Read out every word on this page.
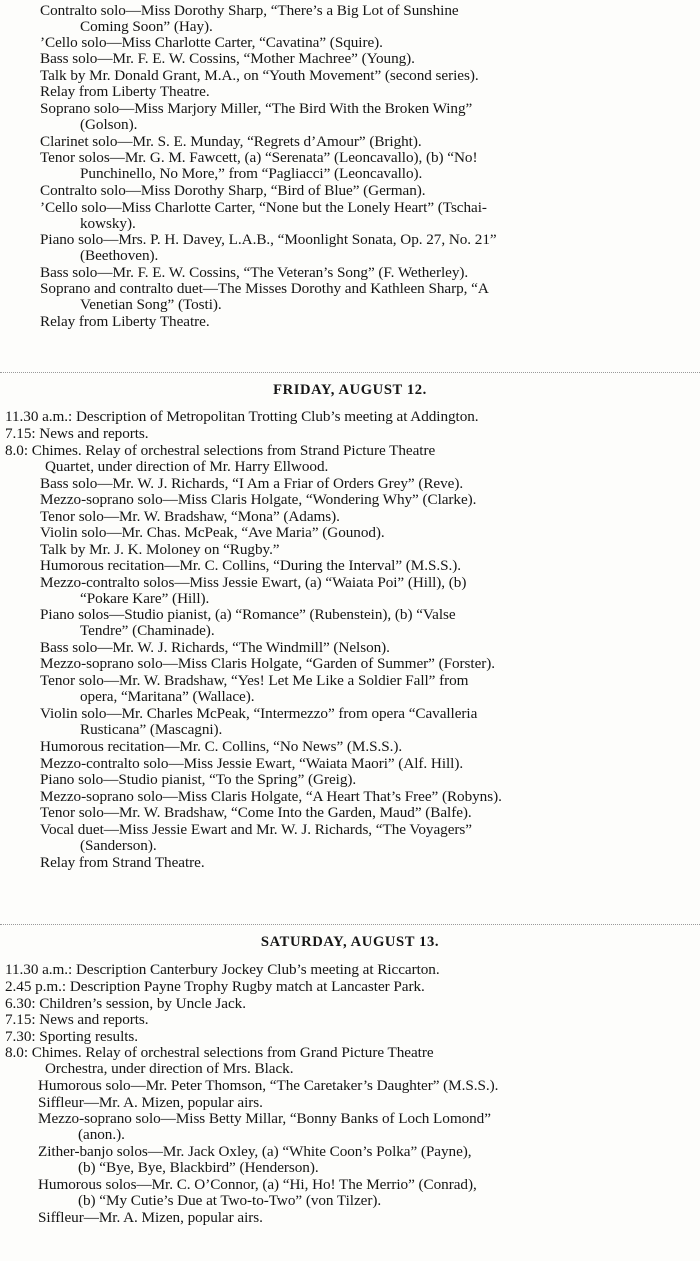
FRIDAY, AUGUST 12.
SATURDAY, AUGUST 13.
Contralto solo—Miss Dorothy Sharp, “There’s a Big Lot of Sunshine
Coming Soon” (Hay).
’Cello solo—Miss Charlotte Carter, “Cavatina” (Squire).
Bass solo—Mr. F. E. W. Cossins, “Mother Machree” (Young).
Talk by Mr. Donald Grant, M.A., on “Youth Movement” (second series).
Relay from Liberty Theatre.
Soprano solo—Miss Marjory Miller, “The Bird With the Broken Wing”
(Golson).
Clarinet solo—Mr. S. E. Munday, “Regrets d’Amour” (Bright).
Tenor solos—Mr. G. M. Fawcett, (a) “Serenata” (Leoncavallo), (b) “No!
Punchinello, No More,” from “Pagliacci” (Leoncavallo).
Contralto solo—Miss Dorothy Sharp, “Bird of Blue” (German).
’Cello solo—Miss Charlotte Carter, “None but the Lonely Heart” (Tschai-
kowsky).
Piano solo—Mrs. P. H. Davey, L.A.B., “Moonlight Sonata, Op. 27, No. 21”
(Beethoven).
Bass solo—Mr. F. E. W. Cossins, “The Veteran’s Song” (F. Wetherley).
Soprano and contralto duet—The Misses Dorothy and Kathleen Sharp, “A
Venetian Song” (Tosti).
Relay from Liberty Theatre.
11.30 a.m.: Description of Metropolitan Trotting Club’s meeting at Addington.
7.15: News and reports.
8.0: Chimes. Relay of orchestral selections from Strand Picture Theatre
Quartet, under direction of Mr. Harry Ellwood.
Bass solo—Mr. W. J. Richards, “I Am a Friar of Orders Grey” (Reve).
Mezzo-soprano solo—Miss Claris Holgate, “Wondering Why” (Clarke).
Tenor solo—Mr. W. Bradshaw, “Mona” (Adams).
Violin solo—Mr. Chas. McPeak, “Ave Maria” (Gounod).
Talk by Mr. J. K. Moloney on “Rugby.”
Humorous recitation—Mr. C. Collins, “During the Interval” (M.S.S.).
Mezzo-contralto solos—Miss Jessie Ewart, (a) “Waiata Poi” (Hill), (b)
“Pokare Kare” (Hill).
Piano solos—Studio pianist, (a) “Romance” (Rubenstein), (b) “Valse
Tendre” (Chaminade).
Bass solo—Mr. W. J. Richards, “The Windmill” (Nelson).
Mezzo-soprano solo—Miss Claris Holgate, “Garden of Summer” (Forster).
Tenor solo—Mr. W. Bradshaw, “Yes! Let Me Like a Soldier Fall” from
opera, “Maritana” (Wallace).
Violin solo—Mr. Charles McPeak, “Intermezzo” from opera “Cavalleria
Rusticana” (Mascagni).
Humorous recitation—Mr. C. Collins, “No News” (M.S.S.).
Mezzo-contralto solo—Miss Jessie Ewart, “Waiata Maori” (Alf. Hill).
Piano solo—Studio pianist, “To the Spring” (Greig).
Mezzo-soprano solo—Miss Claris Holgate, “A Heart That’s Free” (Robyns).
Tenor solo—Mr. W. Bradshaw, “Come Into the Garden, Maud” (Balfe).
Vocal duet—Miss Jessie Ewart and Mr. W. J. Richards, “The Voyagers”
(Sanderson).
Relay from Strand Theatre.
11.30 a.m.: Description Canterbury Jockey Club’s meeting at Riccarton.
2.45 p.m.: Description Payne Trophy Rugby match at Lancaster Park.
6.30: Children’s session, by Uncle Jack.
7.15: News and reports.
7.30: Sporting results.
8.0: Chimes. Relay of orchestral selections from Grand Picture Theatre
Orchestra, under direction of Mrs. Black.
Humorous solo—Mr. Peter Thomson, “The Caretaker’s Daughter” (M.S.S.).
Siffleur—Mr. A. Mizen, popular airs.
Mezzo-soprano solo—Miss Betty Millar, “Bonny Banks of Loch Lomond”
(anon.).
Zither-banjo solos—Mr. Jack Oxley, (a) “White Coon’s Polka” (Payne),
(b) “Bye, Bye, Blackbird” (Henderson).
Humorous solos—Mr. C. O’Connor, (a) “Hi, Ho! The Merrio” (Conrad),
(b) “My Cutie’s Due at Two-to-Two” (von Tilzer).
Siffleur—Mr. A. Mizen, popular airs.
